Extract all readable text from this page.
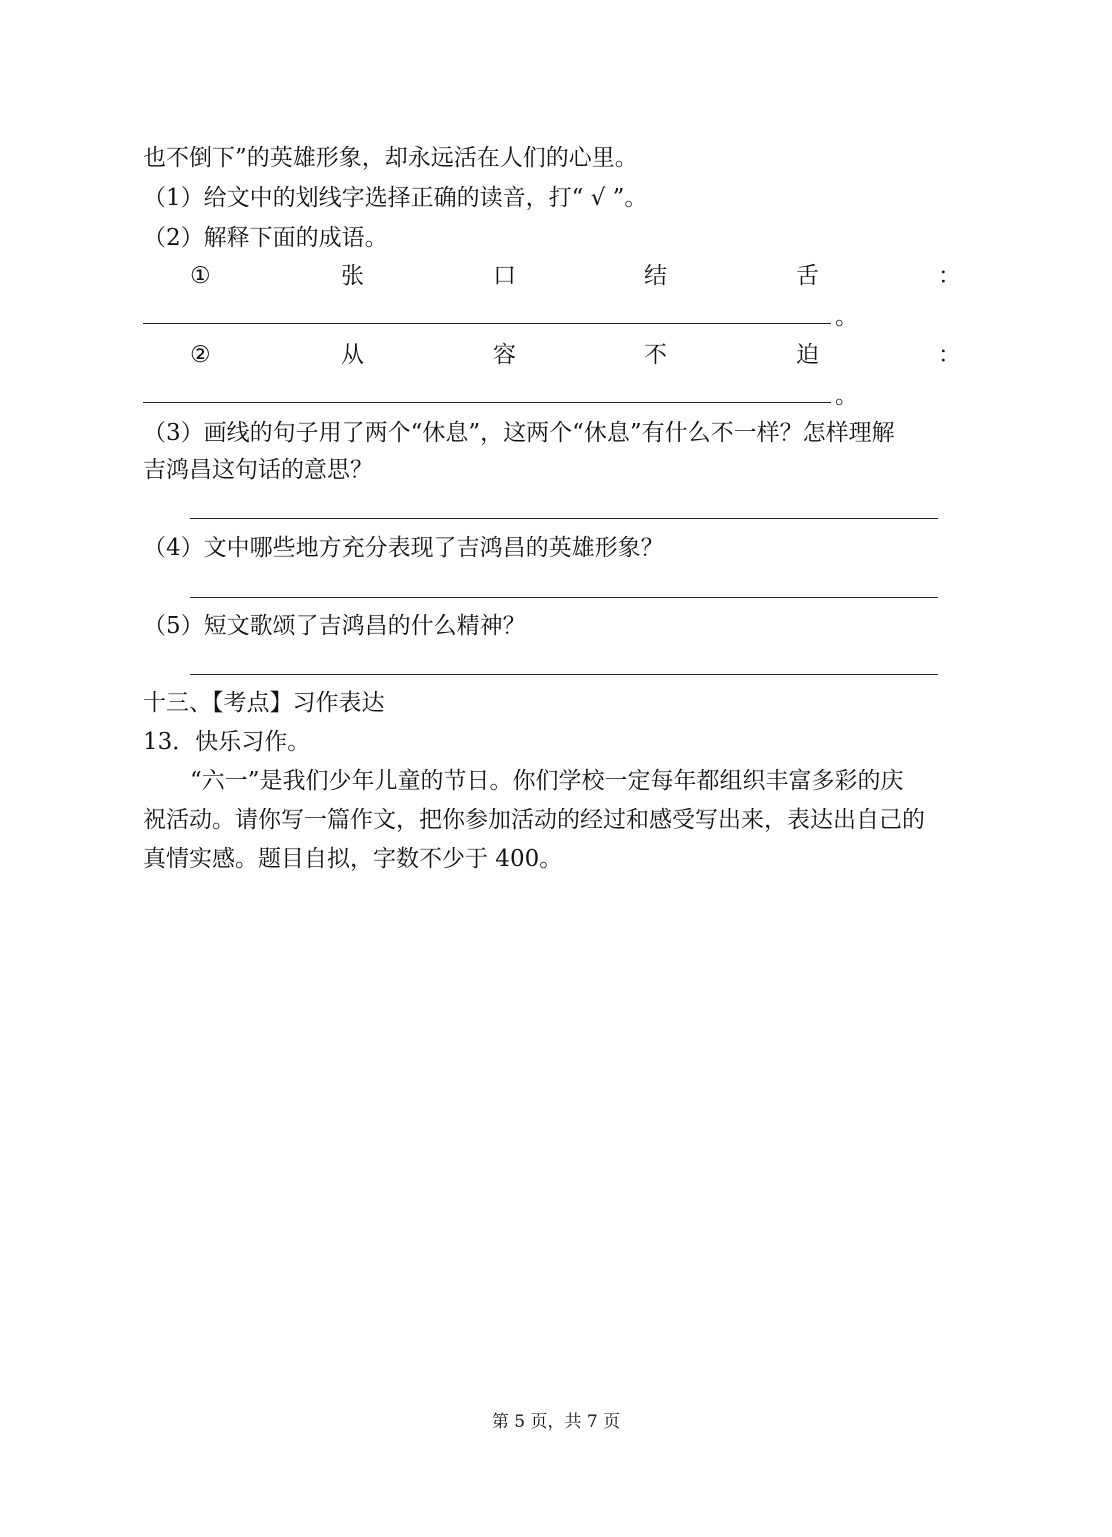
也不倒下”的英雄形象，却永远活在人们的心里。
（1）给文中的划线字选择正确的读音，打“ √ ”。
（2）解释下面的成语。
①	张	口	结	舌	：
。
②	从	容	不	迫	：
。
（3）画线的句子用了两个“休息”，这两个“休息”有什么不一样？怎样理解
吉鸿昌这句话的意思？
（4）文中哪些地方充分表现了吉鸿昌的英雄形象？
（5）短文歌颂了吉鸿昌的什么精神？
十三、【考点】习作表达
13．快乐习作。
“六一”是我们少年儿童的节日。你们学校一定每年都组织丰富多彩的庆
祝活动。请你写一篇作文，把你参加活动的经过和感受写出来，表达出自己的
真情实感。题目自拟，字数不少于 400。
第 5 页，共 7 页
